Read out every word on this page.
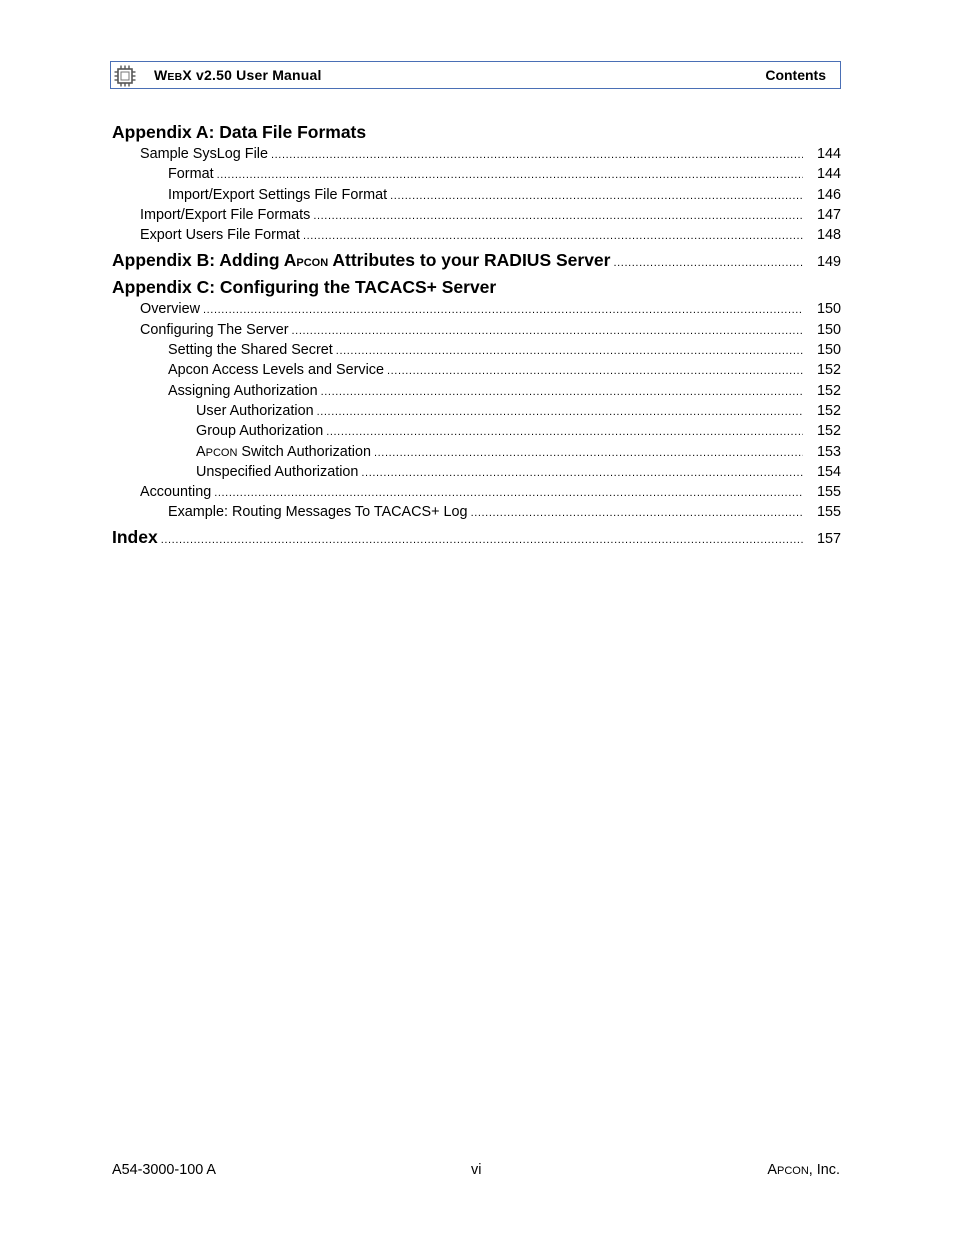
WEBX v2.50 User Manual	Contents
Appendix A: Data File Formats
Sample SysLog File .....	144
Format .....	144
Import/Export Settings File Format .....	146
Import/Export File Formats .....	147
Export Users File Format .....	148
Appendix B: Adding APCON Attributes to your RADIUS Server .....	149
Appendix C: Configuring the TACACS+ Server
Overview .....	150
Configuring The Server .....	150
Setting the Shared Secret .....	150
Apcon Access Levels and Service .....	152
Assigning Authorization .....	152
User Authorization .....	152
Group Authorization .....	152
APCON Switch Authorization .....	153
Unspecified Authorization .....	154
Accounting .....	155
Example: Routing Messages To TACACS+ Log .....	155
Index .....	157
A54-3000-100 A	vi	APCON, Inc.
